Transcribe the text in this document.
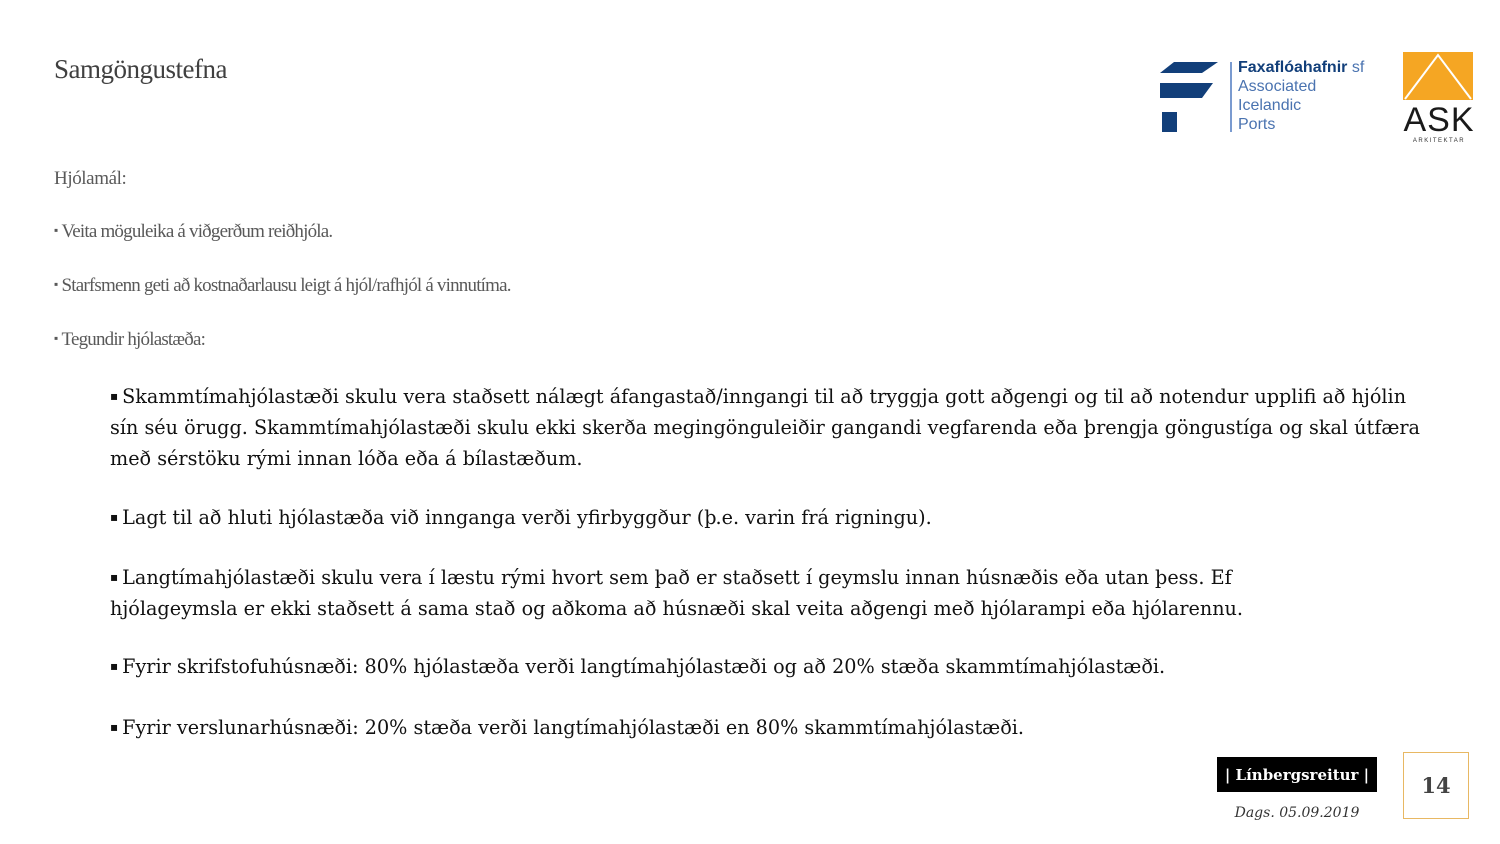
Samgöngustefna	Faxaflóahafnir sf
Associated
Icelandic
Ports	ASK
ARKITEKTAR
Hjólamál:
▪ Veita möguleika á viðgerðum reiðhjóla.
▪ Starfsmenn geti að kostnaðarlausu leigt á hjól/rafhjól á vinnutíma.
▪ Tegundir hjólastæða:
▪ Skammtímahjólastæði skulu vera staðsett nálægt áfangastað/inngangi til að tryggja gott aðgengi og til að notendur upplifi að hjólin sín séu örugg. Skammtímahjólastæði skulu ekki skerða megingönguleiðir gangandi vegfarenda eða þrengja göngustíga og skal útfæra með sérstöku rými innan lóða eða á bílastæðum.
▪ Lagt til að hluti hjólastæða við innganga verði yfirbyggður (þ.e. varin frá rigningu).
▪ Langtímahjólastæði skulu vera í læstu rými hvort sem það er staðsett í geymslu innan húsnæðis eða utan þess. Ef hjólageymsla er ekki staðsett á sama stað og aðkoma að húsnæði skal veita aðgengi með hjólarampi eða hjólarennu.
▪ Fyrir skrifstofuhúsnæði: 80% hjólastæða verði langtímahjólastæði og að 20% stæða skammtímahjólastæði.
▪ Fyrir verslunarhúsnæði: 20% stæða verði langtímahjólastæði en 80% skammtímahjólastæði.
| Línbergsreitur |
Dags. 05.09.2019
14
